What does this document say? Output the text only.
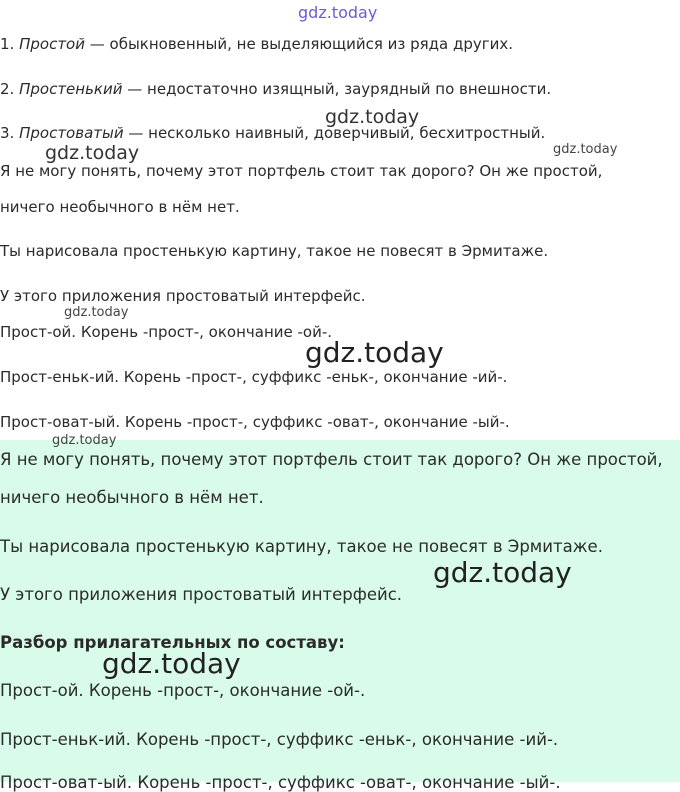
1. Простой — обыкновенный, не выделяющийся из ряда других.
2. Простенький — недостаточно изящный, заурядный по внешности.
3. Простоватый — несколько наивный, доверчивый, бесхитростный.
Я не могу понять, почему этот портфель стоит так дорого? Он же простой,
ничего необычного в нём нет.
Ты нарисовала простенькую картину, такое не повесят в Эрмитаже.
У этого приложения простоватый интерфейс.
Прост-ой. Корень -прост-, окончание -ой-.
Прост-еньк-ий. Корень -прост-, суффикс -еньк-, окончание -ий-.
Прост-оват-ый. Корень -прост-, суффикс -оват-, окончание -ый-.
Я не могу понять, почему этот портфель стоит так дорого? Он же простой,
ничего необычного в нём нет.
Ты нарисовала простенькую картину, такое не повесят в Эрмитаже.
У этого приложения простоватый интерфейс.
Разбор прилагательных по составу:
Прост-ой. Корень -прост-, окончание -ой-.
Прост-еньк-ий. Корень -прост-, суффикс -еньк-, окончание -ий-.
Прост-оват-ый. Корень -прост-, суффикс -оват-, окончание -ый-.
gdz.today
gdz.today
gdz.today	gdz.today
gdz.today
gdz.today
gdz.today
gdz.today
gdz.today
